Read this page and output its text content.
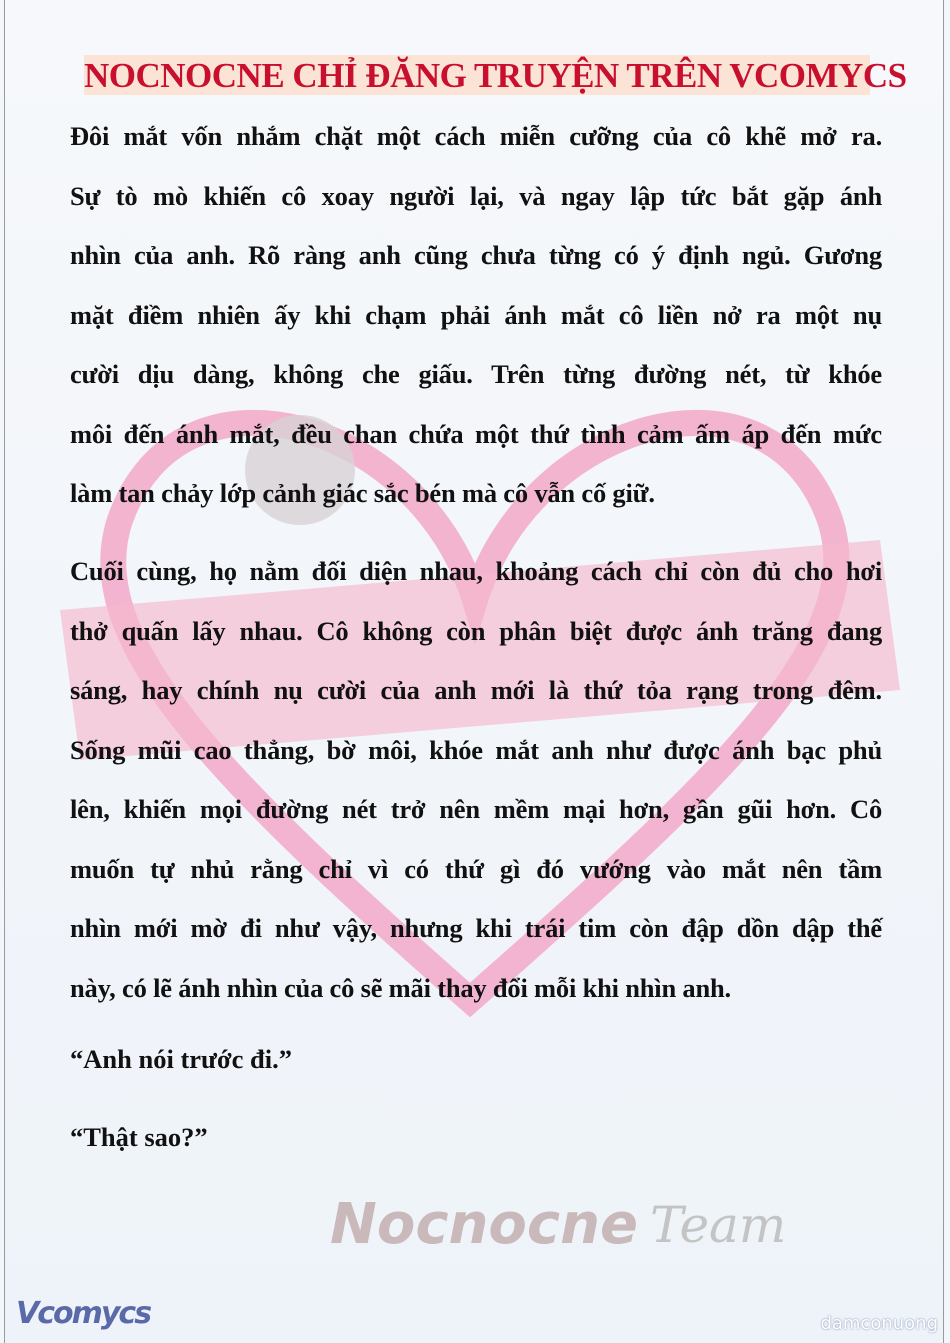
Nocnocne Team
NOCNOCNE CHỈ ĐĂNG TRUYỆN TRÊN VCOMYCS
Đôi mắt vốn nhắm chặt một cách miễn cưỡng của cô khẽ mở ra.
Sự tò mò khiến cô xoay người lại, và ngay lập tức bắt gặp ánh
nhìn của anh. Rõ ràng anh cũng chưa từng có ý định ngủ. Gương
mặt điềm nhiên ấy khi chạm phải ánh mắt cô liền nở ra một nụ
cười dịu dàng, không che giấu. Trên từng đường nét, từ khóe
môi đến ánh mắt, đều chan chứa một thứ tình cảm ấm áp đến mức
làm tan chảy lớp cảnh giác sắc bén mà cô vẫn cố giữ.
Cuối cùng, họ nằm đối diện nhau, khoảng cách chỉ còn đủ cho hơi
thở quấn lấy nhau. Cô không còn phân biệt được ánh trăng đang
sáng, hay chính nụ cười của anh mới là thứ tỏa rạng trong đêm.
Sống mũi cao thẳng, bờ môi, khóe mắt anh như được ánh bạc phủ
lên, khiến mọi đường nét trở nên mềm mại hơn, gần gũi hơn. Cô
muốn tự nhủ rằng chỉ vì có thứ gì đó vướng vào mắt nên tầm
nhìn mới mờ đi như vậy, nhưng khi trái tim còn đập dồn dập thế
này, có lẽ ánh nhìn của cô sẽ mãi thay đổi mỗi khi nhìn anh.
“Anh nói trước đi.”
“Thật sao?”
Vcomycs	damconuong
